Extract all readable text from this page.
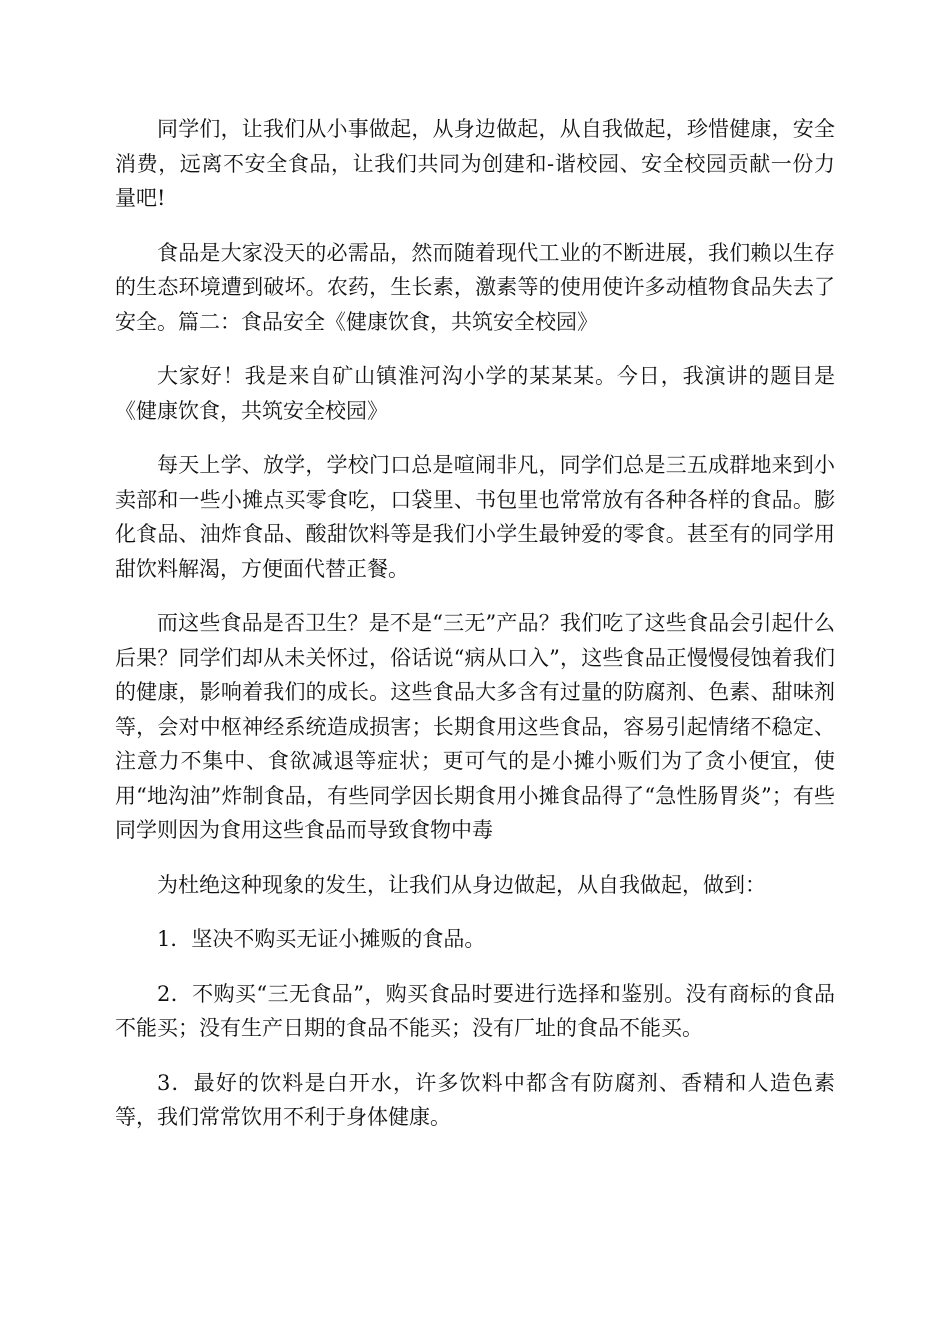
同学们，让我们从小事做起，从身边做起，从自我做起，珍惜健康，安全消费，远离不安全食品，让我们共同为创建和-谐校园、安全校园贡献一份力量吧!

食品是大家没天的必需品，然而随着现代工业的不断进展，我们赖以生存的生态环境遭到破坏。农药，生长素，激素等的使用使许多动植物食品失去了安全。篇二：食品安全《健康饮食，共筑安全校园》

大家好！我是来自矿山镇淮河沟小学的某某某。今日，我演讲的题目是《健康饮食，共筑安全校园》

每天上学、放学，学校门口总是喧闹非凡，同学们总是三五成群地来到小卖部和一些小摊点买零食吃，口袋里、书包里也常常放有各种各样的食品。膨化食品、油炸食品、酸甜饮料等是我们小学生最钟爱的零食。甚至有的同学用甜饮料解渴，方便面代替正餐。

而这些食品是否卫生？是不是“三无”产品？我们吃了这些食品会引起什么后果？同学们却从未关怀过，俗话说“病从口入”，这些食品正慢慢侵蚀着我们的健康，影响着我们的成长。这些食品大多含有过量的防腐剂、色素、甜味剂等，会对中枢神经系统造成损害；长期食用这些食品，容易引起情绪不稳定、注意力不集中、食欲减退等症状；更可气的是小摊小贩们为了贪小便宜，使用“地沟油”炸制食品，有些同学因长期食用小摊食品得了“急性肠胃炎”；有些同学则因为食用这些食品而导致食物中毒

为杜绝这种现象的发生，让我们从身边做起，从自我做起，做到：

1．坚决不购买无证小摊贩的食品。

2．不购买“三无食品”，购买食品时要进行选择和鉴别。没有商标的食品不能买；没有生产日期的食品不能买；没有厂址的食品不能买。

3．最好的饮料是白开水，许多饮料中都含有防腐剂、香精和人造色素等，我们常常饮用不利于身体健康。
